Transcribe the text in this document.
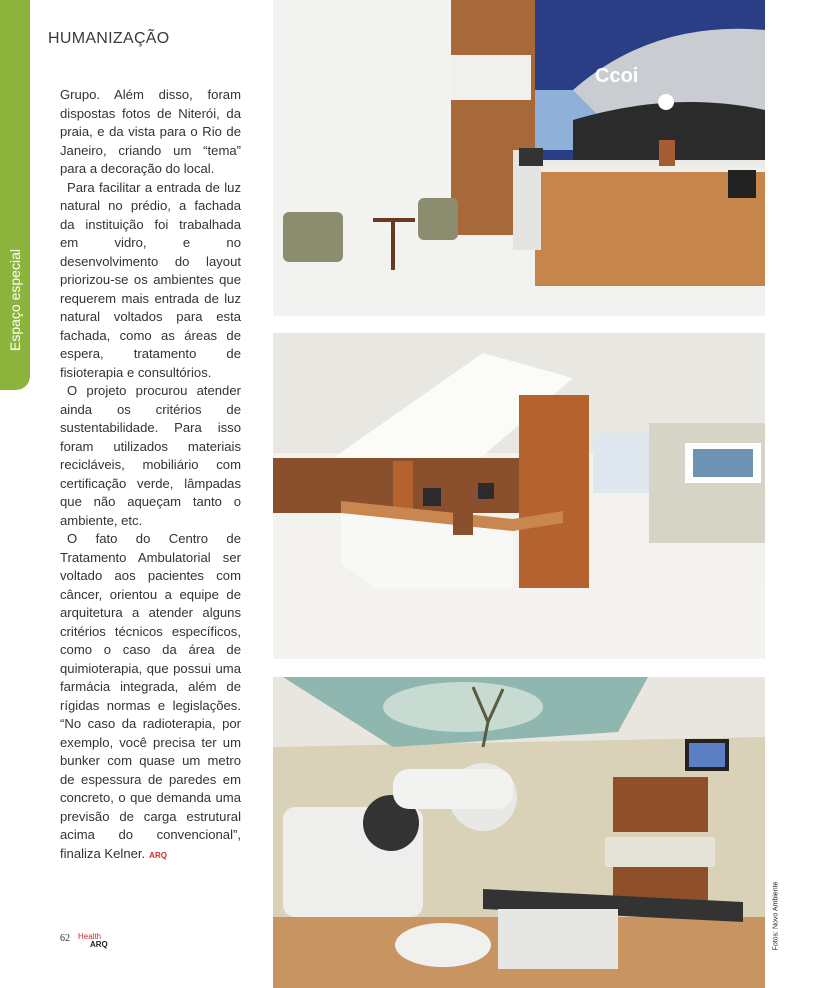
Espaço especial
HUMANIZAÇÃO

Grupo. Além disso, foram dispostas fotos de Niterói, da praia, e da vista para o Rio de Janeiro, criando um “tema” para a decoração do local.

Para facilitar a entrada de luz natural no prédio, a fachada da instituição foi trabalhada em vidro, e no desenvolvimento do layout priorizou-se os ambientes que requerem mais entrada de luz natural voltados para esta fachada, como as áreas de espera, tratamento de fisioterapia e consultórios.

O projeto procurou atender ainda os critérios de sustentabilidade. Para isso foram utilizados materiais recicláveis, mobiliário com certificação verde, lâmpadas que não aqueçam tanto o ambiente, etc.

O fato do Centro de Tratamento Ambulatorial ser voltado aos pacientes com câncer, orientou a equipe de arquitetura a atender alguns critérios técnicos específicos, como o caso da área de quimioterapia, que possui uma farmácia integrada, além de rígidas normas e legislações. “No caso da radioterapia, por exemplo, você precisa ter um bunker com quase um metro de espessura de paredes em concreto, o que demanda uma previsão de carga estrutural acima do convencional”, finaliza Kelner. ARQ

62 Health
ARQ
Ccoi
Fotos: Novo Ambiente
